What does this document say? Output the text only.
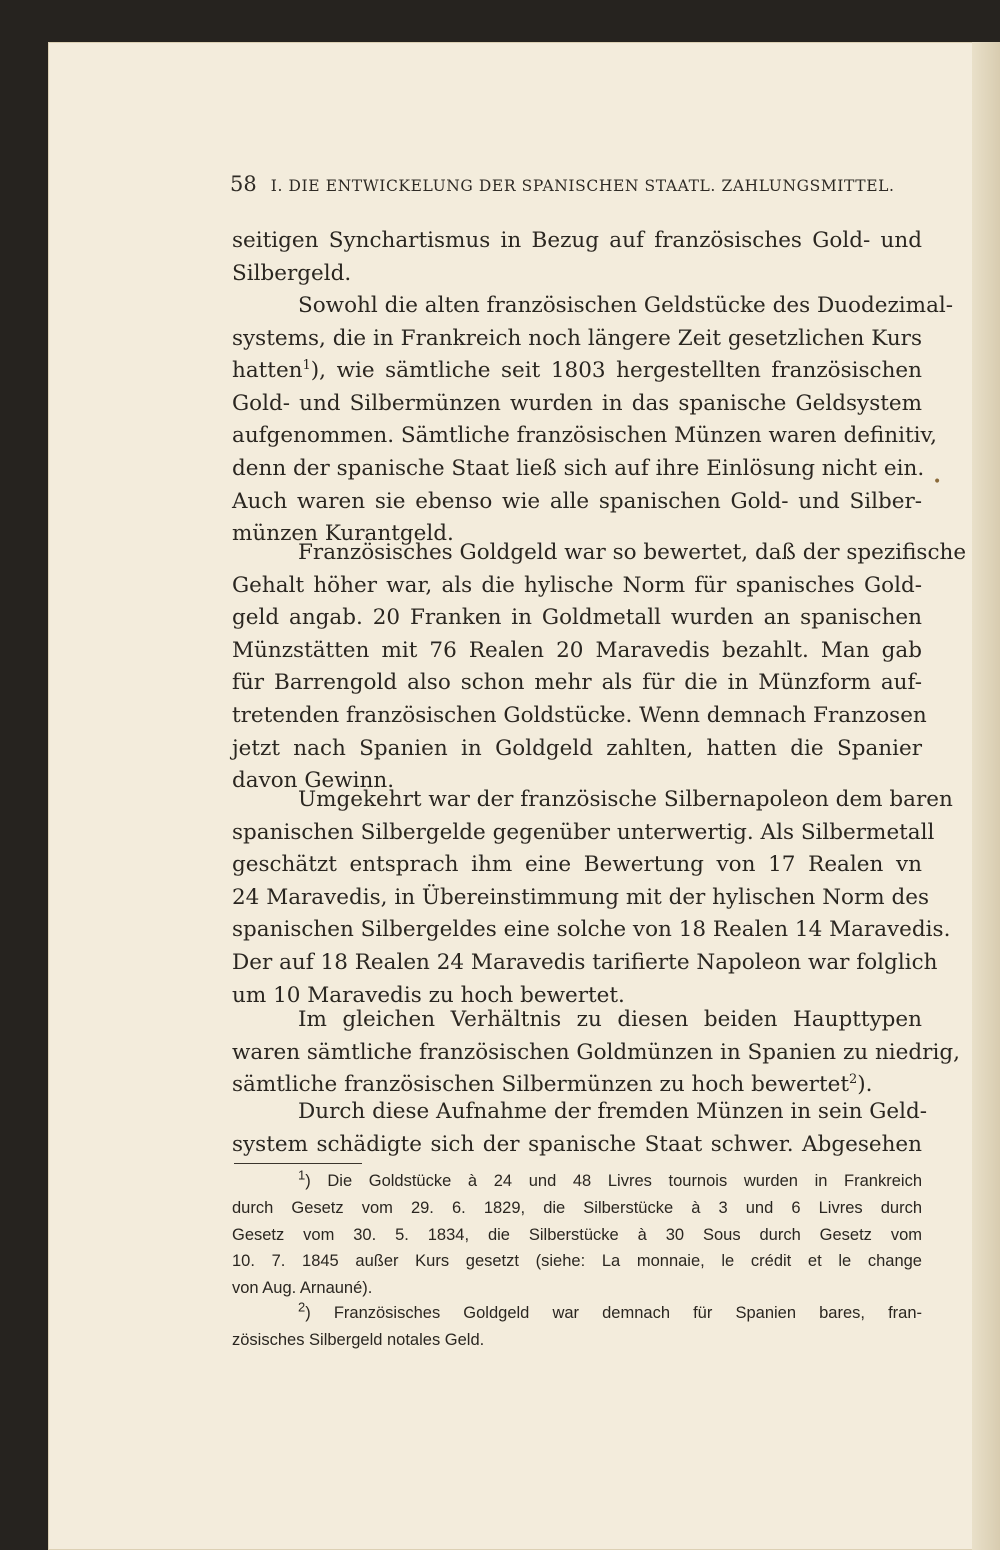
58 I. DIE ENTWICKELUNG DER SPANISCHEN STAATL. ZAHLUNGSMITTEL.
seitigen Synchartismus in Bezug auf französisches Gold- und
Silbergeld.
Sowohl die alten französischen Geldstücke des Duodezimal-
systems, die in Frankreich noch längere Zeit gesetzlichen Kurs
hatten$^1$), wie sämtliche seit 1803 hergestellten französischen
Gold- und Silbermünzen wurden in das spanische Geldsystem
aufgenommen. Sämtliche französischen Münzen waren definitiv,
denn der spanische Staat ließ sich auf ihre Einlösung nicht ein.
Auch waren sie ebenso wie alle spanischen Gold- und Silber-
münzen Kurantgeld.
Französisches Goldgeld war so bewertet, daß der spezifische
Gehalt höher war, als die hylische Norm für spanisches Gold-
geld angab. 20 Franken in Goldmetall wurden an spanischen
Münzstätten mit 76 Realen 20 Maravedis bezahlt. Man gab
für Barrengold also schon mehr als für die in Münzform auf-
tretenden französischen Goldstücke. Wenn demnach Franzosen
jetzt nach Spanien in Goldgeld zahlten, hatten die Spanier
davon Gewinn.
Umgekehrt war der französische Silbernapoleon dem baren
spanischen Silbergelde gegenüber unterwertig. Als Silbermetall
geschätzt entsprach ihm eine Bewertung von 17 Realen vn
24 Maravedis, in Übereinstimmung mit der hylischen Norm des
spanischen Silbergeldes eine solche von 18 Realen 14 Maravedis.
Der auf 18 Realen 24 Maravedis tarifierte Napoleon war folglich
um 10 Maravedis zu hoch bewertet.
Im gleichen Verhältnis zu diesen beiden Haupttypen
waren sämtliche französischen Goldmünzen in Spanien zu niedrig,
sämtliche französischen Silbermünzen zu hoch bewertet$^2$).
Durch diese Aufnahme der fremden Münzen in sein Geld-
system schädigte sich der spanische Staat schwer. Abgesehen
$^1$) Die Goldstücke à 24 und 48 Livres tournois wurden in Frankreich
durch Gesetz vom 29. 6. 1829, die Silberstücke à 3 und 6 Livres durch
Gesetz vom 30. 5. 1834, die Silberstücke à 30 Sous durch Gesetz vom
10. 7. 1845 außer Kurs gesetzt (siehe: La monnaie, le crédit et le change
von Aug. Arnauné).
$^2$) Französisches Goldgeld war demnach für Spanien bares, fran-
zösisches Silbergeld notales Geld.
•
